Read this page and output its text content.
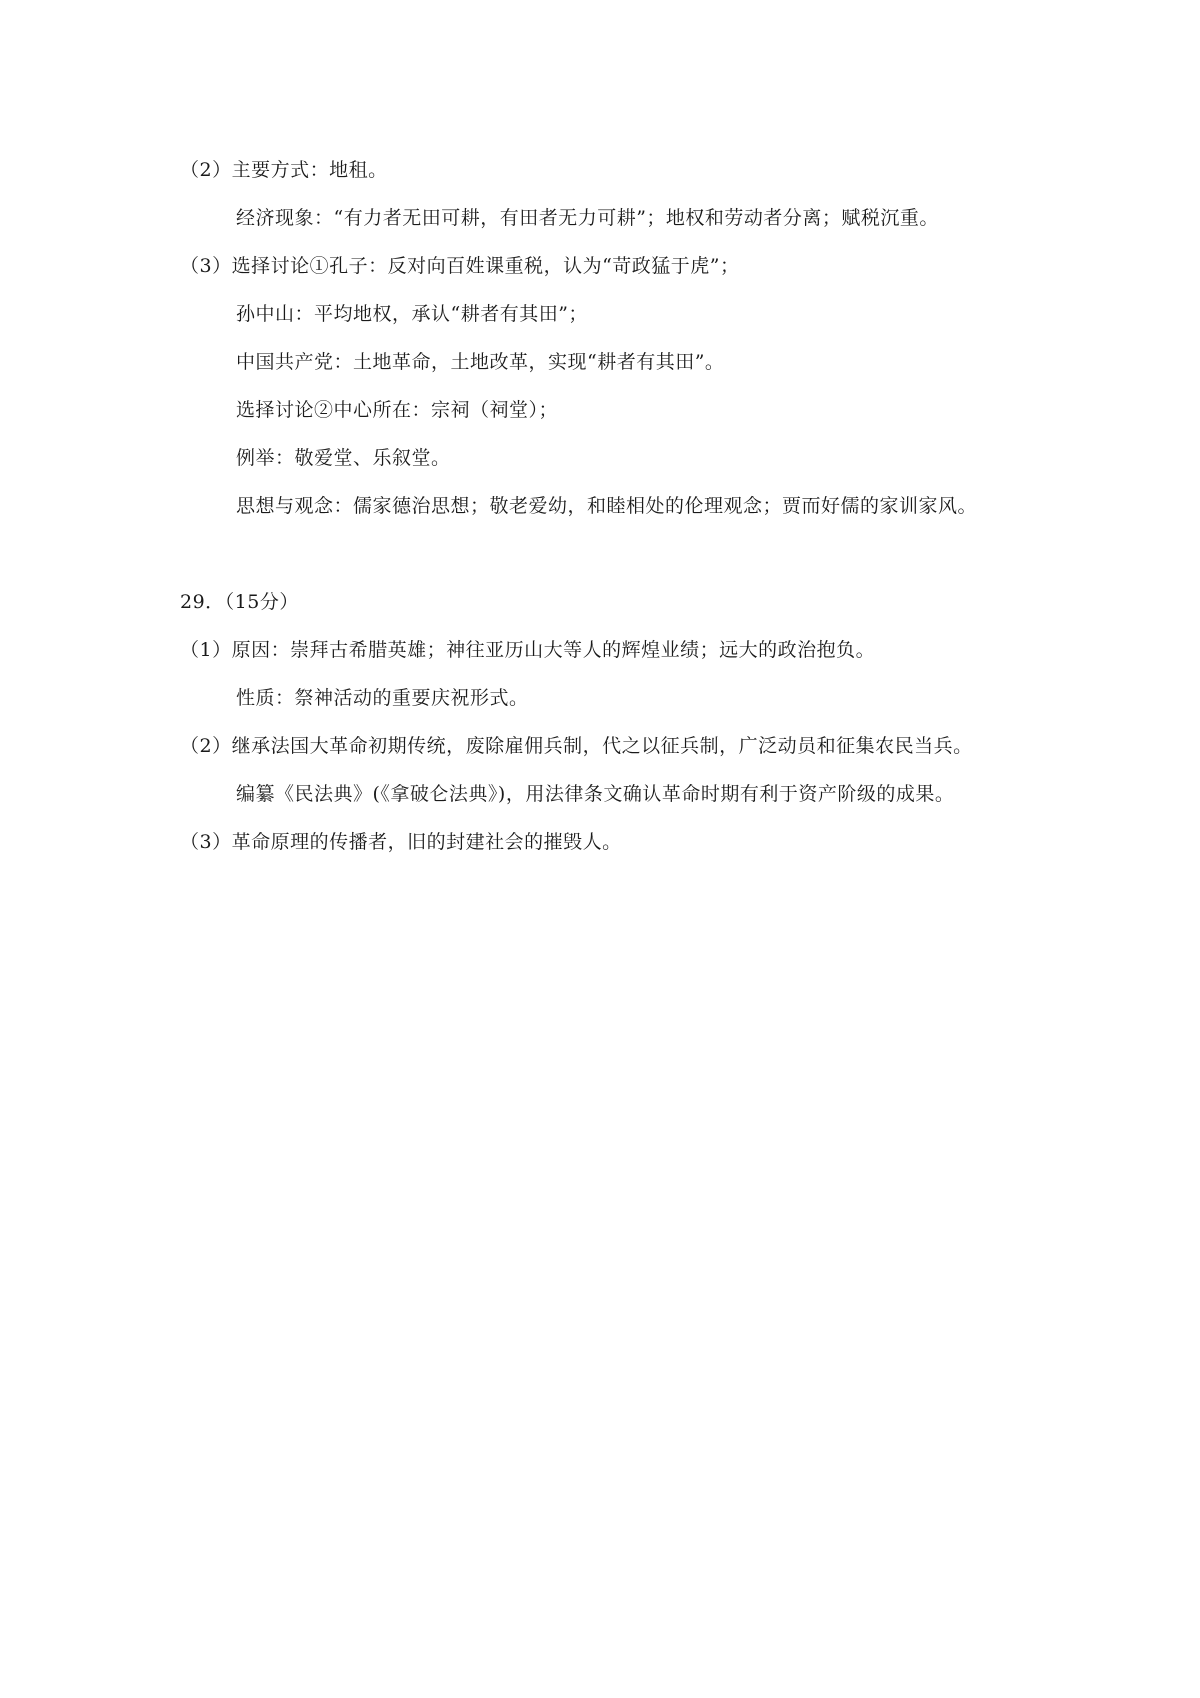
（2）主要方式：地租。
经济现象：“有力者无田可耕，有田者无力可耕”；地权和劳动者分离；赋税沉重。
（3）选择讨论①孔子：反对向百姓课重税，认为“苛政猛于虎”；
孙中山：平均地权，承认“耕者有其田”；
中国共产党：土地革命，土地改革，实现“耕者有其田”。
选择讨论②中心所在：宗祠（祠堂）；
例举：敬爱堂、乐叙堂。
思想与观念：儒家德治思想；敬老爱幼，和睦相处的伦理观念；贾而好儒的家训家风。
29．（15分）
（1）原因：崇拜古希腊英雄；神往亚历山大等人的辉煌业绩；远大的政治抱负。
性质：祭神活动的重要庆祝形式。
（2）继承法国大革命初期传统，废除雇佣兵制，代之以征兵制，广泛动员和征集农民当兵。
编纂《民法典》(《拿破仑法典》)，用法律条文确认革命时期有利于资产阶级的成果。
（3）革命原理的传播者，旧的封建社会的摧毁人。
